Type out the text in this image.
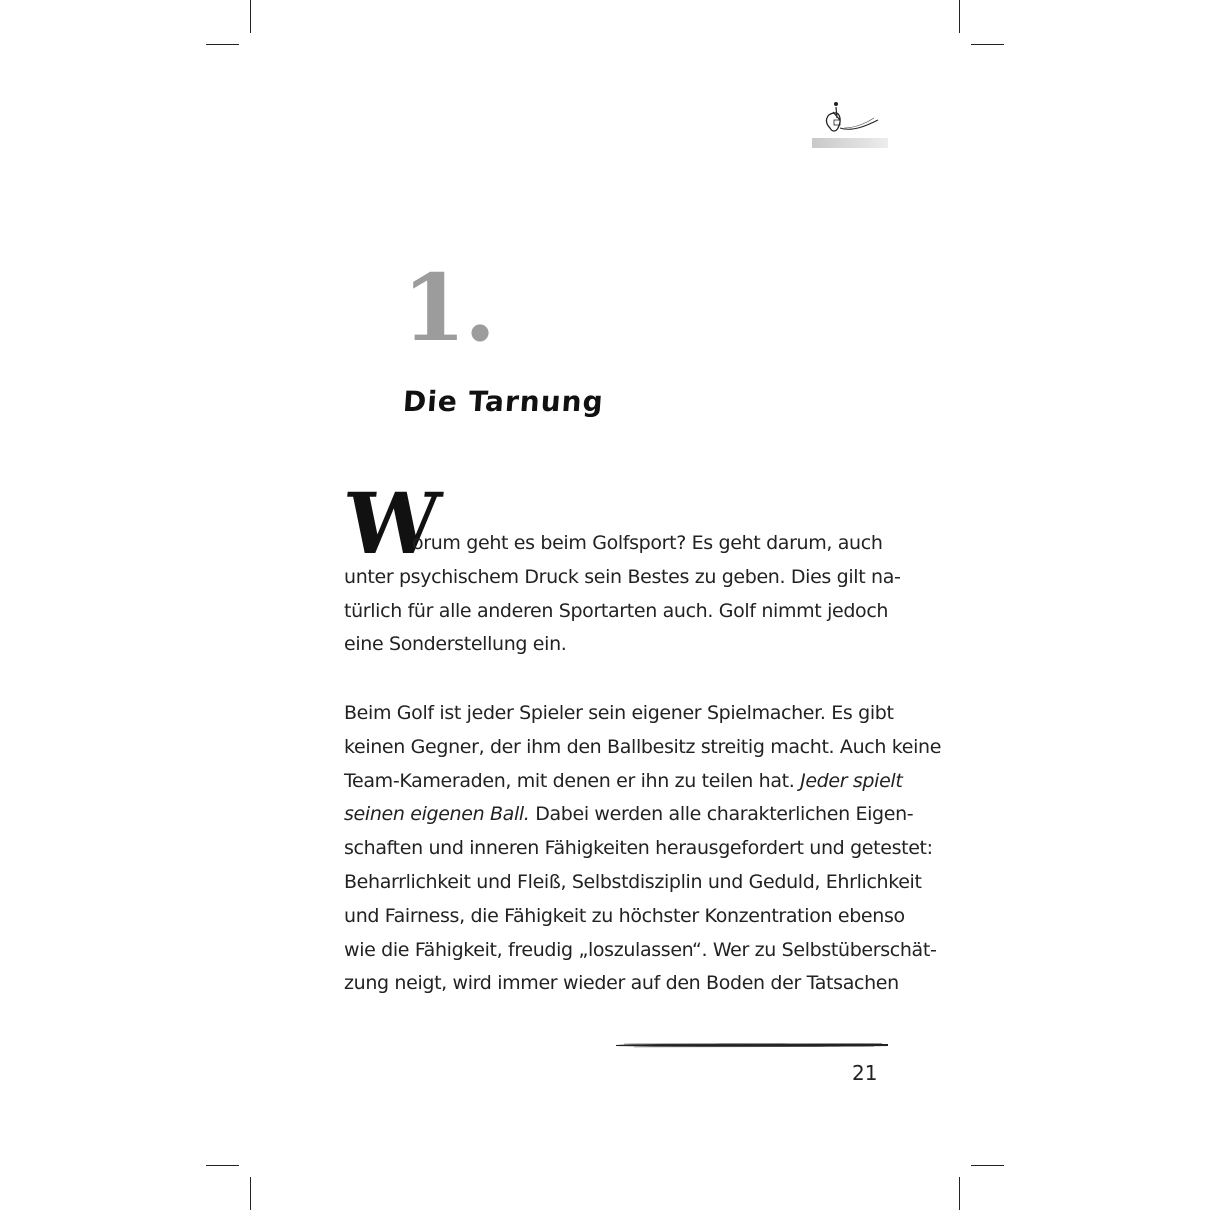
1.
Die Tarnung
W
orum geht es beim Golfsport? Es geht darum, auch
unter psychischem Druck sein Bestes zu geben. Dies gilt na-
türlich für alle anderen Sportarten auch. Golf nimmt jedoch
eine Sonderstellung ein.
Beim Golf ist jeder Spieler sein eigener Spielmacher. Es gibt
keinen Gegner, der ihm den Ballbesitz streitig macht. Auch keine
Team-Kameraden, mit denen er ihn zu teilen hat. Jeder spielt
seinen eigenen Ball. Dabei werden alle charakterlichen Eigen-
schaften und inneren Fähigkeiten herausgefordert und getestet:
Beharrlichkeit und Fleiß, Selbstdisziplin und Geduld, Ehrlichkeit
und Fairness, die Fähigkeit zu höchster Konzentration ebenso
wie die Fähigkeit, freudig „loszulassen“. Wer zu Selbstüberschät-
zung neigt, wird immer wieder auf den Boden der Tatsachen
21
